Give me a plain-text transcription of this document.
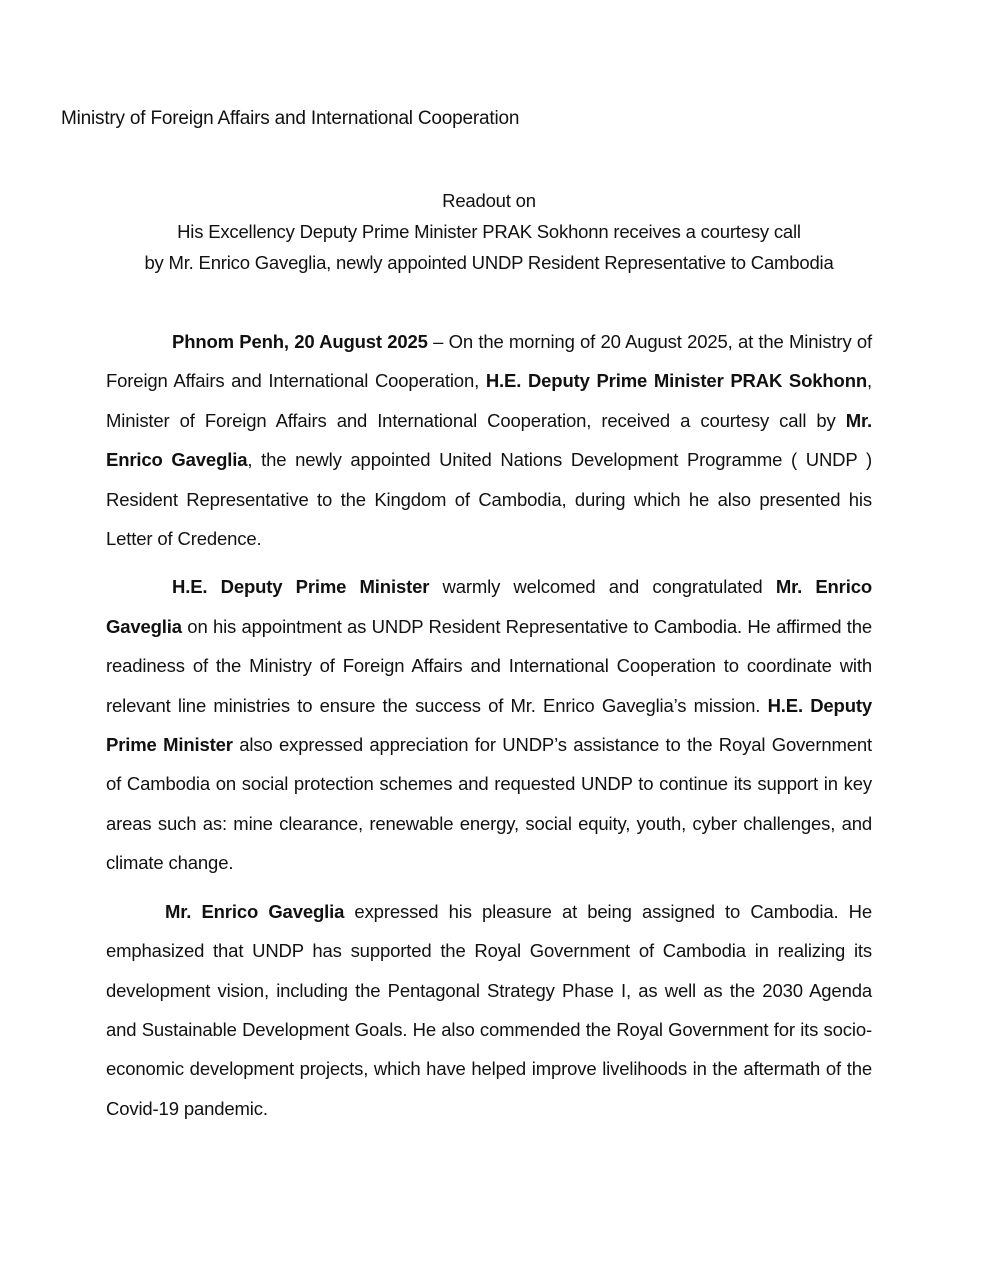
Ministry of Foreign Affairs and International Cooperation
Readout on
His Excellency Deputy Prime Minister PRAK Sokhonn receives a courtesy call
by Mr. Enrico Gaveglia, newly appointed UNDP Resident Representative to Cambodia

Phnom Penh, 20 August 2025 – On the morning of 20 August 2025, at the Ministry of Foreign Affairs and International Cooperation, H.E. Deputy Prime Minister PRAK Sokhonn, Minister of Foreign Affairs and International Cooperation, received a courtesy call by Mr. Enrico Gaveglia, the newly appointed United Nations Development Programme ( UNDP ) Resident Representative to the Kingdom of Cambodia, during which he also presented his Letter of Credence.

H.E. Deputy Prime Minister warmly welcomed and congratulated Mr. Enrico Gaveglia on his appointment as UNDP Resident Representative to Cambodia. He affirmed the readiness of the Ministry of Foreign Affairs and International Cooperation to coordinate with relevant line ministries to ensure the success of Mr. Enrico Gaveglia’s mission. H.E. Deputy Prime Minister also expressed appreciation for UNDP’s assistance to the Royal Government of Cambodia on social protection schemes and requested UNDP to continue its support in key areas such as: mine clearance, renewable energy, social equity, youth, cyber challenges, and climate change.

Mr. Enrico Gaveglia expressed his pleasure at being assigned to Cambodia. He emphasized that UNDP has supported the Royal Government of Cambodia in realizing its development vision, including the Pentagonal Strategy Phase I, as well as the 2030 Agenda and Sustainable Development Goals. He also commended the Royal Government for its socio-economic development projects, which have helped improve livelihoods in the aftermath of the Covid-19 pandemic.
